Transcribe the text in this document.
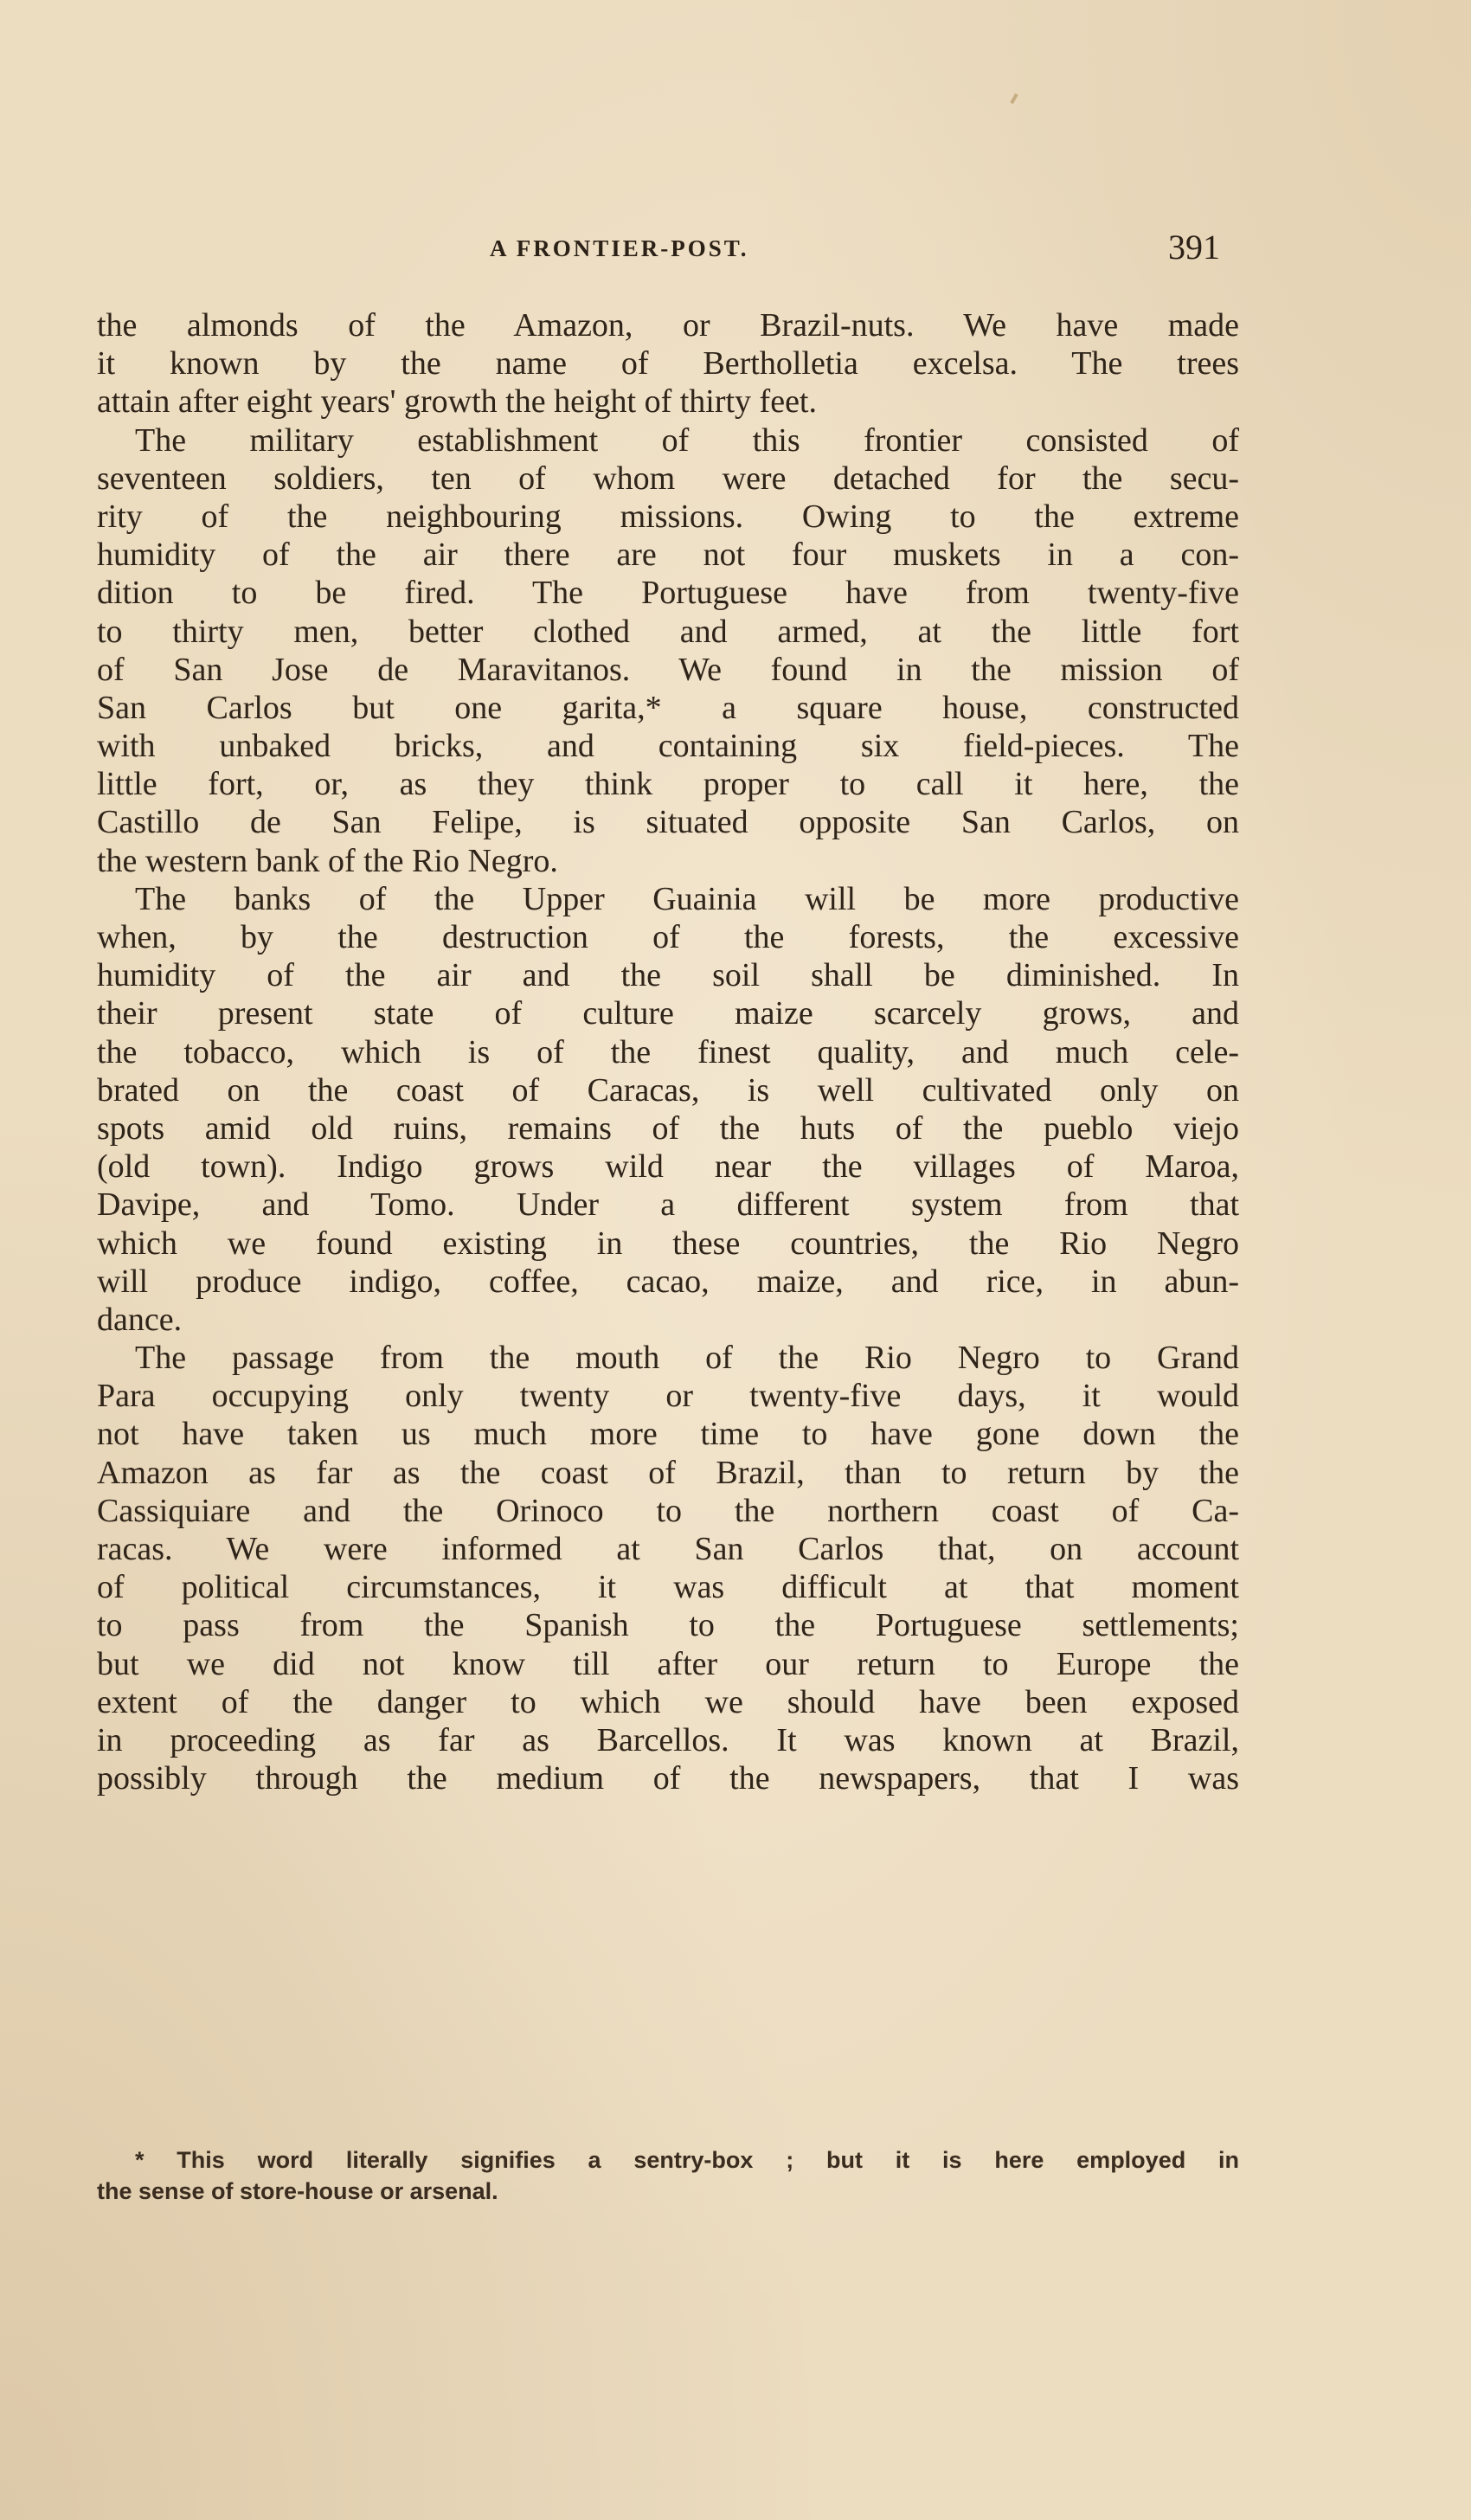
A FRONTIER-POST.	391
the almonds of the Amazon, or Brazil-nuts. We have made
it known by the name of Bertholletia excelsa. The trees
attain after eight years' growth the height of thirty feet.
The military establishment of this frontier consisted of
seventeen soldiers, ten of whom were detached for the secu-
rity of the neighbouring missions. Owing to the extreme
humidity of the air there are not four muskets in a con-
dition to be fired. The Portuguese have from twenty-five
to thirty men, better clothed and armed, at the little fort
of San Jose de Maravitanos. We found in the mission of
San Carlos but one garita,* a square house, constructed
with unbaked bricks, and containing six field-pieces. The
little fort, or, as they think proper to call it here, the
Castillo de San Felipe, is situated opposite San Carlos, on
the western bank of the Rio Negro.
The banks of the Upper Guainia will be more productive
when, by the destruction of the forests, the excessive
humidity of the air and the soil shall be diminished. In
their present state of culture maize scarcely grows, and
the tobacco, which is of the finest quality, and much cele-
brated on the coast of Caracas, is well cultivated only on
spots amid old ruins, remains of the huts of the pueblo viejo
(old town). Indigo grows wild near the villages of Maroa,
Davipe, and Tomo. Under a different system from that
which we found existing in these countries, the Rio Negro
will produce indigo, coffee, cacao, maize, and rice, in abun-
dance.
The passage from the mouth of the Rio Negro to Grand
Para occupying only twenty or twenty-five days, it would
not have taken us much more time to have gone down the
Amazon as far as the coast of Brazil, than to return by the
Cassiquiare and the Orinoco to the northern coast of Ca-
racas. We were informed at San Carlos that, on account
of political circumstances, it was difficult at that moment
to pass from the Spanish to the Portuguese settlements;
but we did not know till after our return to Europe the
extent of the danger to which we should have been exposed
in proceeding as far as Barcellos. It was known at Brazil,
possibly through the medium of the newspapers, that I was
* This word literally signifies a sentry-box ; but it is here employed in
the sense of store-house or arsenal.
